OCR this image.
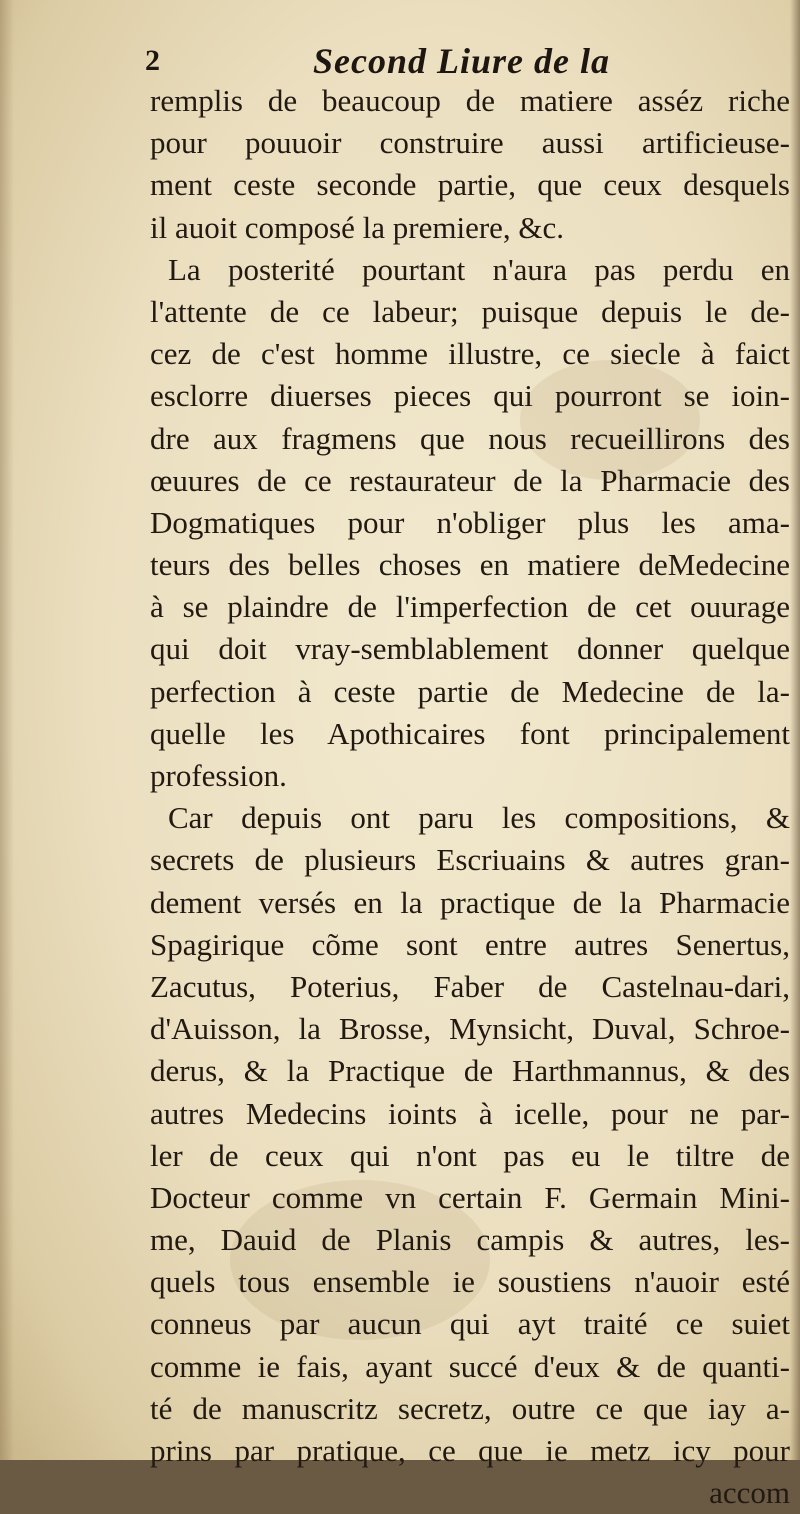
2	Second Liure de la
remplis de beaucoup de matiere asséz riche
pour pouuoir construire aussi artificieuse-
ment ceste seconde partie, que ceux desquels
il auoit composé la premiere, &c.
La posterité pourtant n'aura pas perdu en
l'attente de ce labeur; puisque depuis le de-
cez de c'est homme illustre, ce siecle à faict
esclorre diuerses pieces qui pourront se ioin-
dre aux fragmens que nous recueillirons des
œuures de ce restaurateur de la Pharmacie des
Dogmatiques pour n'obliger plus les ama-
teurs des belles choses en matiere deMedecine
à se plaindre de l'imperfection de cet ouurage
qui doit vray-semblablement donner quelque
perfection à ceste partie de Medecine de la-
quelle les Apothicaires font principalement
profession.
Car depuis ont paru les compositions, &
secrets de plusieurs Escriuains & autres gran-
dement versés en la practique de la Pharmacie
Spagirique cõme sont entre autres Senertus,
Zacutus, Poterius, Faber de Castelnau-dari,
d'Auisson, la Brosse, Mynsicht, Duval, Schroe-
derus, & la Practique de Harthmannus, & des
autres Medecins ioints à icelle, pour ne par-
ler de ceux qui n'ont pas eu le tiltre de
Docteur comme vn certain F. Germain Mini-
me, Dauid de Planis campis & autres, les-
quels tous ensemble ie soustiens n'auoir esté
conneus par aucun qui ayt traité ce suiet
comme ie fais, ayant succé d'eux & de quanti-
té de manuscritz secretz, outre ce que iay a-
prins par pratique, ce que ie metz icy pour
accom
